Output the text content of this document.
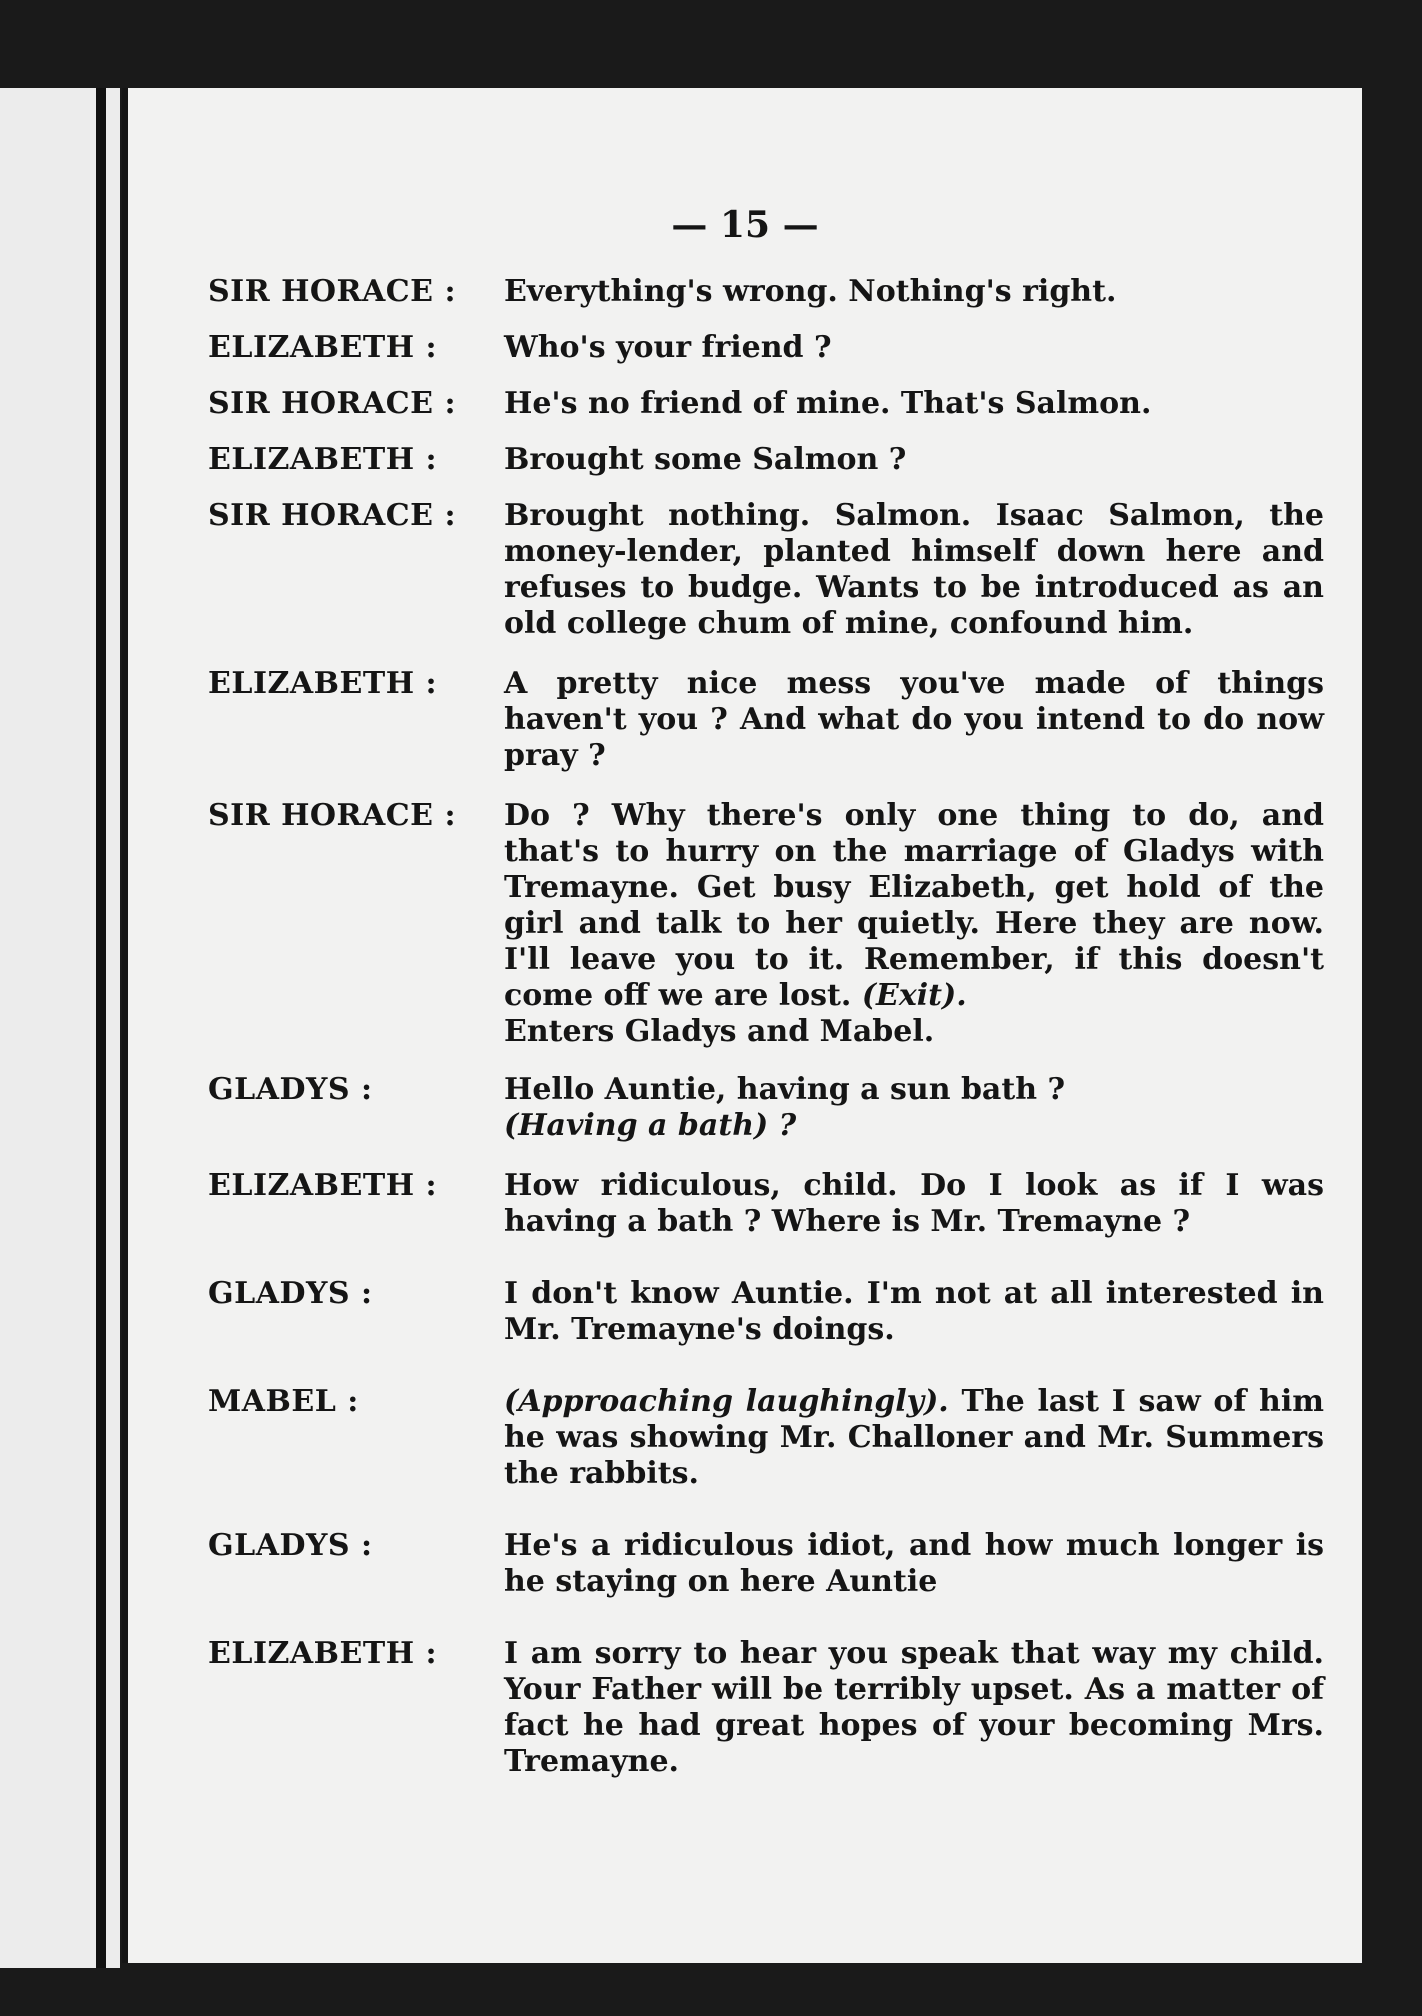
— 15 —
SIR HORACE :	Everything's wrong. Nothing's right.

ELIZABETH :	Who's your friend ?

SIR HORACE :	He's no friend of mine. That's Salmon.

ELIZABETH :	Brought some Salmon ?

SIR HORACE :	Brought nothing. Salmon. Isaac Salmon, the money-lender, planted himself down here and refuses to budge. Wants to be introduced as an old college chum of mine, confound him.

ELIZABETH :	A pretty nice mess you've made of things haven't you ? And what do you intend to do now pray ?

SIR HORACE :	Do ? Why there's only one thing to do, and that's to hurry on the marriage of Gladys with Tremayne. Get busy Elizabeth, get hold of the girl and talk to her quietly. Here they are now. I'll leave you to it. Remember, if this doesn't come off we are lost. (Exit).

Enters Gladys and Mabel.

GLADYS :	Hello Auntie, having a sun bath ?

(Having a bath) ?

ELIZABETH :	How ridiculous, child. Do I look as if I was having a bath ? Where is Mr. Tremayne ?

GLADYS :	I don't know Auntie. I'm not at all interested in Mr. Tremayne's doings.

MABEL :	(Approaching laughingly). The last I saw of him he was showing Mr. Challoner and Mr. Summers the rabbits.

GLADYS :	He's a ridiculous idiot, and how much longer is he staying on here Auntie

ELIZABETH :	I am sorry to hear you speak that way my child. Your Father will be terribly upset. As a matter of fact he had great hopes of your becoming Mrs. Tremayne.
